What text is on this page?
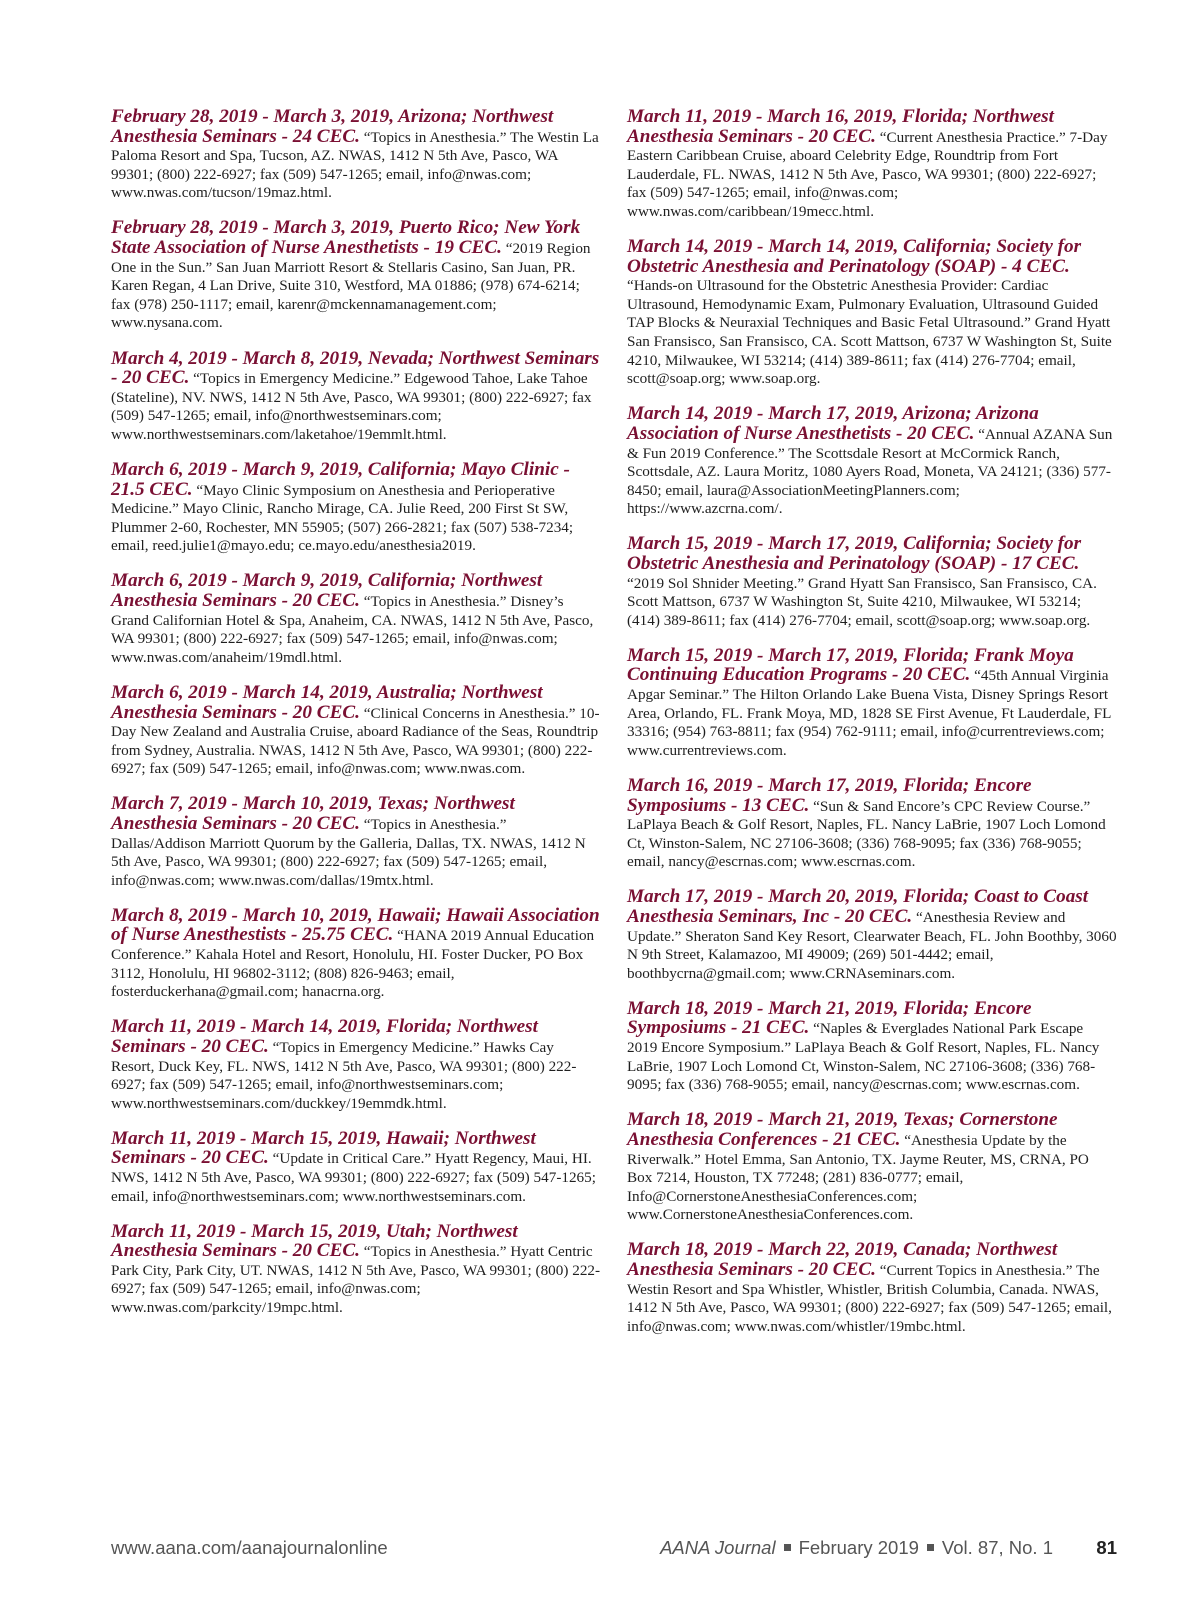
February 28, 2019 - March 3, 2019, Arizona; Northwest Anesthesia Seminars - 24 CEC. “Topics in Anesthesia.” The Westin La Paloma Resort and Spa, Tucson, AZ. NWAS, 1412 N 5th Ave, Pasco, WA 99301; (800) 222-6927; fax (509) 547-1265; email, info@nwas.com; www.nwas.com/tucson/19maz.html.

February 28, 2019 - March 3, 2019, Puerto Rico; New York State Association of Nurse Anesthetists - 19 CEC. “2019 Region One in the Sun.” San Juan Marriott Resort & Stellaris Casino, San Juan, PR. Karen Regan, 4 Lan Drive, Suite 310, Westford, MA 01886; (978) 674-6214; fax (978) 250-1117; email, karenr@mckennamanagement.com; www.nysana.com.

March 4, 2019 - March 8, 2019, Nevada; Northwest Seminars - 20 CEC. “Topics in Emergency Medicine.” Edgewood Tahoe, Lake Tahoe (Stateline), NV. NWS, 1412 N 5th Ave, Pasco, WA 99301; (800) 222-6927; fax (509) 547-1265; email, info@northwestseminars.com; www.northwestseminars.com/laketahoe/19emmlt.html.

March 6, 2019 - March 9, 2019, California; Mayo Clinic - 21.5 CEC. “Mayo Clinic Symposium on Anesthesia and Perioperative Medicine.” Mayo Clinic, Rancho Mirage, CA. Julie Reed, 200 First St SW, Plummer 2-60, Rochester, MN 55905; (507) 266-2821; fax (507) 538-7234; email, reed.julie1@mayo.edu; ce.mayo.edu/anesthesia2019.

March 6, 2019 - March 9, 2019, California; Northwest Anesthesia Seminars - 20 CEC. “Topics in Anesthesia.” Disney’s Grand Californian Hotel & Spa, Anaheim, CA. NWAS, 1412 N 5th Ave, Pasco, WA 99301; (800) 222-6927; fax (509) 547-1265; email, info@nwas.com; www.nwas.com/anaheim/19mdl.html.

March 6, 2019 - March 14, 2019, Australia; Northwest Anesthesia Seminars - 20 CEC. “Clinical Concerns in Anesthesia.” 10-Day New Zealand and Australia Cruise, aboard Radiance of the Seas, Roundtrip from Sydney, Australia. NWAS, 1412 N 5th Ave, Pasco, WA 99301; (800) 222-6927; fax (509) 547-1265; email, info@nwas.com; www.nwas.com.

March 7, 2019 - March 10, 2019, Texas; Northwest Anesthesia Seminars - 20 CEC. “Topics in Anesthesia.” Dallas/Addison Marriott Quorum by the Galleria, Dallas, TX. NWAS, 1412 N 5th Ave, Pasco, WA 99301; (800) 222-6927; fax (509) 547-1265; email, info@nwas.com; www.nwas.com/dallas/19mtx.html.

March 8, 2019 - March 10, 2019, Hawaii; Hawaii Association of Nurse Anesthestists - 25.75 CEC. “HANA 2019 Annual Education Conference.” Kahala Hotel and Resort, Honolulu, HI. Foster Ducker, PO Box 3112, Honolulu, HI 96802-3112; (808) 826-9463; email, fosterduckerhana@gmail.com; hanacrna.org.

March 11, 2019 - March 14, 2019, Florida; Northwest Seminars - 20 CEC. “Topics in Emergency Medicine.” Hawks Cay Resort, Duck Key, FL. NWS, 1412 N 5th Ave, Pasco, WA 99301; (800) 222-6927; fax (509) 547-1265; email, info@northwestseminars.com; www.northwestseminars.com/duckkey/19emmdk.html.

March 11, 2019 - March 15, 2019, Hawaii; Northwest Seminars - 20 CEC. “Update in Critical Care.” Hyatt Regency, Maui, HI. NWS, 1412 N 5th Ave, Pasco, WA 99301; (800) 222-6927; fax (509) 547-1265; email, info@northwestseminars.com; www.northwestseminars.com.

March 11, 2019 - March 15, 2019, Utah; Northwest Anesthesia Seminars - 20 CEC. “Topics in Anesthesia.” Hyatt Centric Park City, Park City, UT. NWAS, 1412 N 5th Ave, Pasco, WA 99301; (800) 222-6927; fax (509) 547-1265; email, info@nwas.com; www.nwas.com/parkcity/19mpc.html.

March 11, 2019 - March 16, 2019, Florida; Northwest Anesthesia Seminars - 20 CEC. “Current Anesthesia Practice.” 7-Day Eastern Caribbean Cruise, aboard Celebrity Edge, Roundtrip from Fort Lauderdale, FL. NWAS, 1412 N 5th Ave, Pasco, WA 99301; (800) 222-6927; fax (509) 547-1265; email, info@nwas.com; www.nwas.com/caribbean/19mecc.html.

March 14, 2019 - March 14, 2019, California; Society for Obstetric Anesthesia and Perinatology (SOAP) - 4 CEC. “Hands-on Ultrasound for the Obstetric Anesthesia Provider: Cardiac Ultrasound, Hemodynamic Exam, Pulmonary Evaluation, Ultrasound Guided TAP Blocks & Neuraxial Techniques and Basic Fetal Ultrasound.” Grand Hyatt San Fransisco, San Fransisco, CA. Scott Mattson, 6737 W Washington St, Suite 4210, Milwaukee, WI 53214; (414) 389-8611; fax (414) 276-7704; email, scott@soap.org; www.soap.org.

March 14, 2019 - March 17, 2019, Arizona; Arizona Association of Nurse Anesthetists - 20 CEC. “Annual AZANA Sun & Fun 2019 Conference.” The Scottsdale Resort at McCormick Ranch, Scottsdale, AZ. Laura Moritz, 1080 Ayers Road, Moneta, VA 24121; (336) 577-8450; email, laura@AssociationMeetingPlanners.com; https://www.azcrna.com/.

March 15, 2019 - March 17, 2019, California; Society for Obstetric Anesthesia and Perinatology (SOAP) - 17 CEC. “2019 Sol Shnider Meeting.” Grand Hyatt San Fransisco, San Fransisco, CA. Scott Mattson, 6737 W Washington St, Suite 4210, Milwaukee, WI 53214; (414) 389-8611; fax (414) 276-7704; email, scott@soap.org; www.soap.org.

March 15, 2019 - March 17, 2019, Florida; Frank Moya Continuing Education Programs - 20 CEC. “45th Annual Virginia Apgar Seminar.” The Hilton Orlando Lake Buena Vista, Disney Springs Resort Area, Orlando, FL. Frank Moya, MD, 1828 SE First Avenue, Ft Lauderdale, FL 33316; (954) 763-8811; fax (954) 762-9111; email, info@currentreviews.com; www.currentreviews.com.

March 16, 2019 - March 17, 2019, Florida; Encore Symposiums - 13 CEC. “Sun & Sand Encore’s CPC Review Course.” LaPlaya Beach & Golf Resort, Naples, FL. Nancy LaBrie, 1907 Loch Lomond Ct, Winston-Salem, NC 27106-3608; (336) 768-9095; fax (336) 768-9055; email, nancy@escrnas.com; www.escrnas.com.

March 17, 2019 - March 20, 2019, Florida; Coast to Coast Anesthesia Seminars, Inc - 20 CEC. “Anesthesia Review and Update.” Sheraton Sand Key Resort, Clearwater Beach, FL. John Boothby, 3060 N 9th Street, Kalamazoo, MI 49009; (269) 501-4442; email, boothbycrna@gmail.com; www.CRNAseminars.com.

March 18, 2019 - March 21, 2019, Florida; Encore Symposiums - 21 CEC. “Naples & Everglades National Park Escape 2019 Encore Symposium.” LaPlaya Beach & Golf Resort, Naples, FL. Nancy LaBrie, 1907 Loch Lomond Ct, Winston-Salem, NC 27106-3608; (336) 768-9095; fax (336) 768-9055; email, nancy@escrnas.com; www.escrnas.com.

March 18, 2019 - March 21, 2019, Texas; Cornerstone Anesthesia Conferences - 21 CEC. “Anesthesia Update by the Riverwalk.” Hotel Emma, San Antonio, TX. Jayme Reuter, MS, CRNA, PO Box 7214, Houston, TX 77248; (281) 836-0777; email, Info@CornerstoneAnesthesiaConferences.com; www.CornerstoneAnesthesiaConferences.com.

March 18, 2019 - March 22, 2019, Canada; Northwest Anesthesia Seminars - 20 CEC. “Current Topics in Anesthesia.” The Westin Resort and Spa Whistler, Whistler, British Columbia, Canada. NWAS, 1412 N 5th Ave, Pasco, WA 99301; (800) 222-6927; fax (509) 547-1265; email, info@nwas.com; www.nwas.com/whistler/19mbc.html.

www.aana.com/aanajournalonline	AANA Journal February 2019 Vol. 87, No. 1 81
